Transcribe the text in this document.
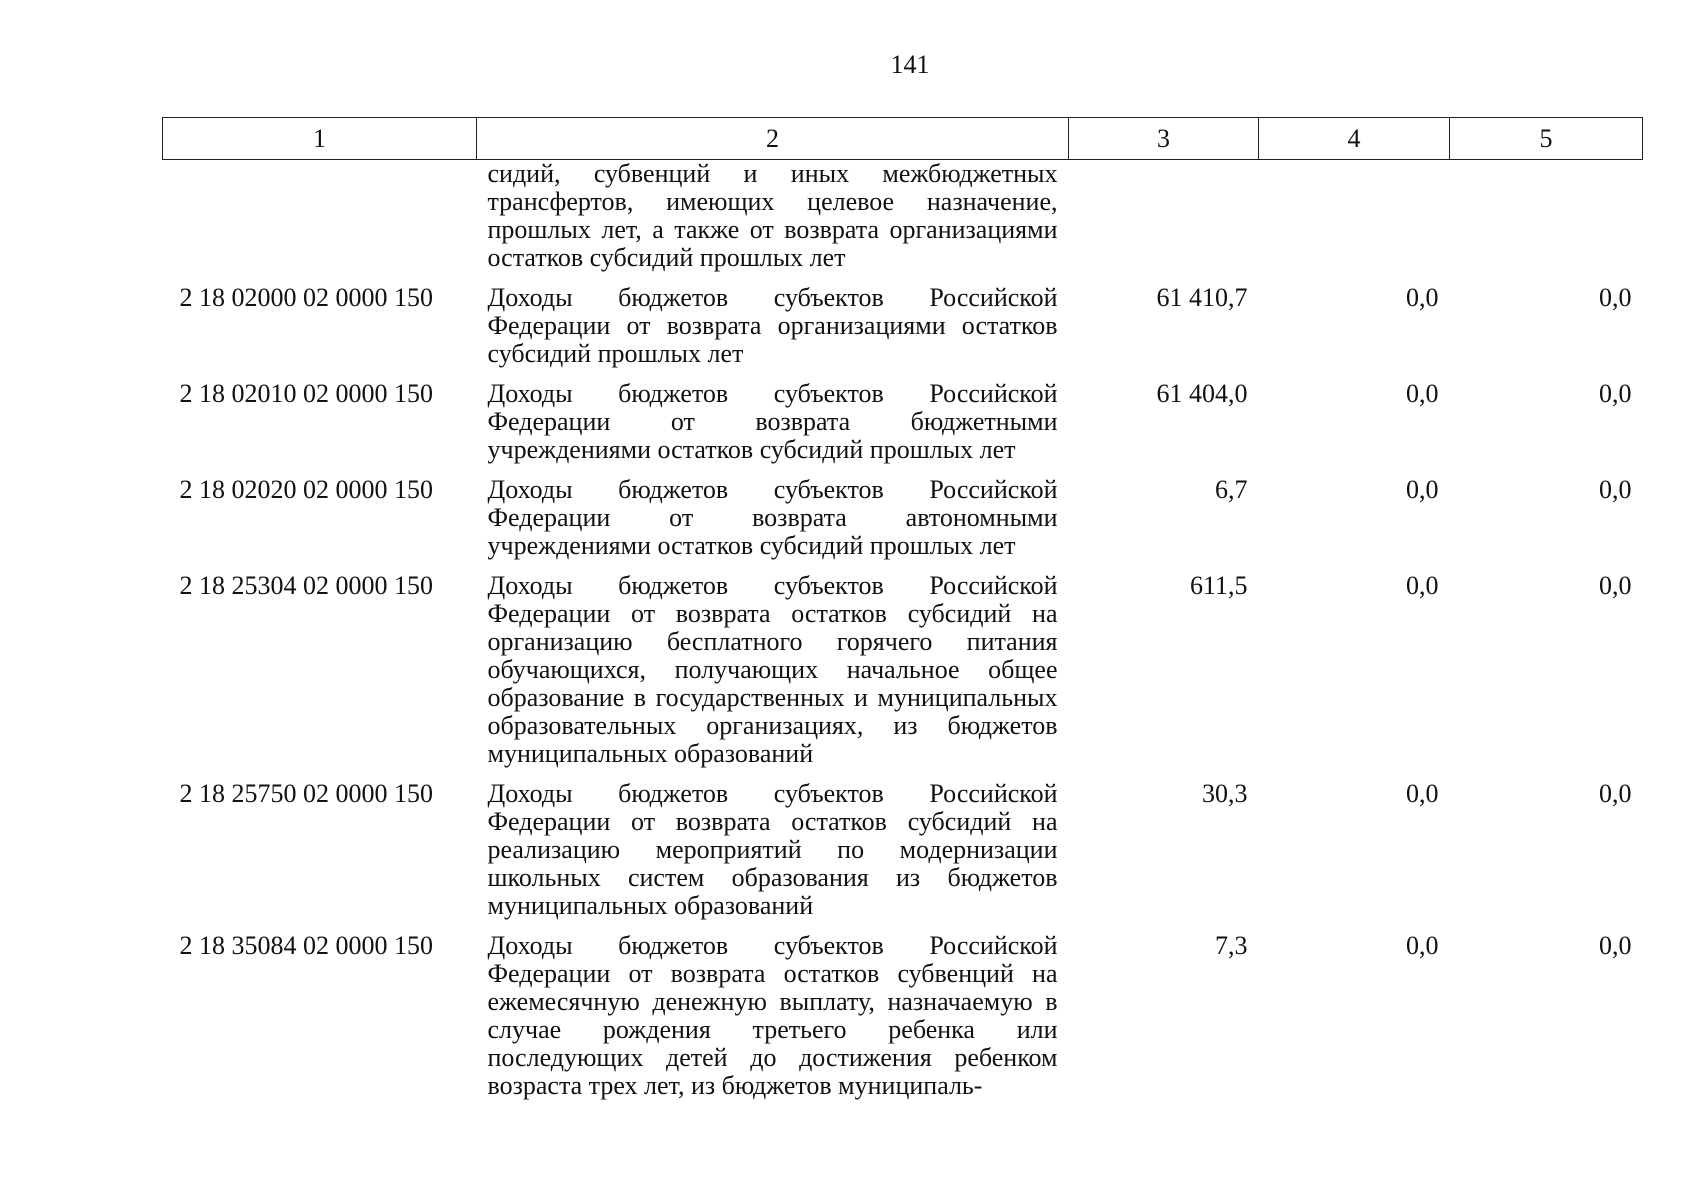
141
1	2	3	4	5
	сидий, субвенций и иных межбюджетных трансфертов, имеющих целевое назначение, прошлых лет, а также от возврата организациями остатков субсидий прошлых лет			
2 18 02000 02 0000 150	Доходы бюджетов субъектов Российской Федерации от возврата организациями остатков субсидий прошлых лет	61 410,7	0,0	0,0
2 18 02010 02 0000 150	Доходы бюджетов субъектов Российской Федерации от возврата бюджетными учреждениями остатков субсидий прошлых лет	61 404,0	0,0	0,0
2 18 02020 02 0000 150	Доходы бюджетов субъектов Российской Федерации от возврата автономными учреждениями остатков субсидий прошлых лет	6,7	0,0	0,0
2 18 25304 02 0000 150	Доходы бюджетов субъектов Российской Федерации от возврата остатков субсидий на организацию бесплатного горячего питания обучающихся, получающих начальное общее образование в государственных и муниципальных образовательных организациях, из бюджетов муниципальных образований	611,5	0,0	0,0
2 18 25750 02 0000 150	Доходы бюджетов субъектов Российской Федерации от возврата остатков субсидий на реализацию мероприятий по модернизации школьных систем образования из бюджетов муниципальных образований	30,3	0,0	0,0
2 18 35084 02 0000 150	Доходы бюджетов субъектов Российской Федерации от возврата остатков субвенций на ежемесячную денежную выплату, назначаемую в случае рождения третьего ребенка или последующих детей до достижения ребенком возраста трех лет, из бюджетов муниципаль-	7,3	0,0	0,0
